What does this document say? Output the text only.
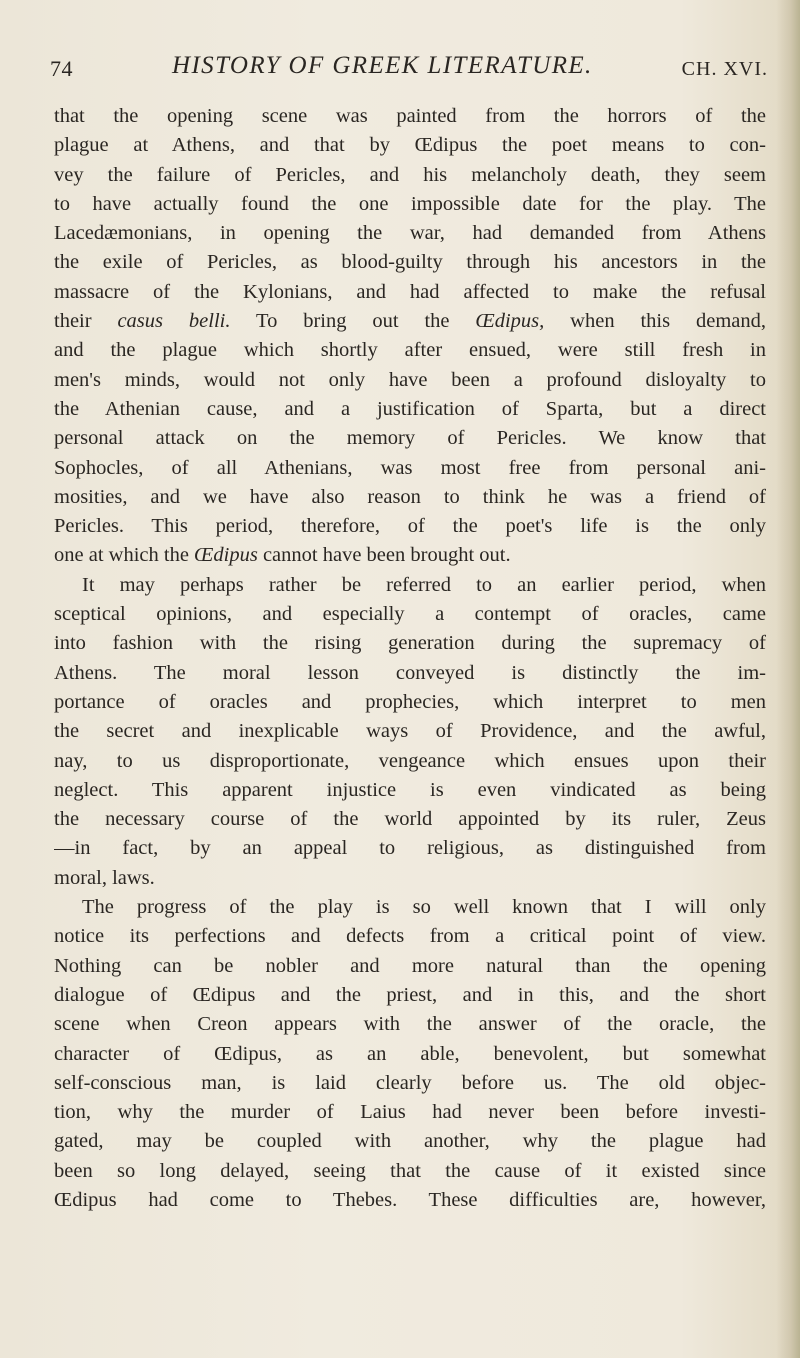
74	HISTORY OF GREEK LITERATURE.	CH. XVI.
that the opening scene was painted from the horrors of the
plague at Athens, and that by Œdipus the poet means to con-
vey the failure of Pericles, and his melancholy death, they seem
to have actually found the one impossible date for the play. The
Lacedæmonians, in opening the war, had demanded from Athens
the exile of Pericles, as blood-guilty through his ancestors in the
massacre of the Kylonians, and had affected to make the refusal
their casus belli. To bring out the Œdipus, when this demand,
and the plague which shortly after ensued, were still fresh in
men's minds, would not only have been a profound disloyalty to
the Athenian cause, and a justification of Sparta, but a direct
personal attack on the memory of Pericles. We know that
Sophocles, of all Athenians, was most free from personal ani-
mosities, and we have also reason to think he was a friend of
Pericles. This period, therefore, of the poet's life is the only
one at which the Œdipus cannot have been brought out.
It may perhaps rather be referred to an earlier period, when
sceptical opinions, and especially a contempt of oracles, came
into fashion with the rising generation during the supremacy of
Athens. The moral lesson conveyed is distinctly the im-
portance of oracles and prophecies, which interpret to men
the secret and inexplicable ways of Providence, and the awful,
nay, to us disproportionate, vengeance which ensues upon their
neglect. This apparent injustice is even vindicated as being
the necessary course of the world appointed by its ruler, Zeus
—in fact, by an appeal to religious, as distinguished from
moral, laws.
The progress of the play is so well known that I will only
notice its perfections and defects from a critical point of view.
Nothing can be nobler and more natural than the opening
dialogue of Œdipus and the priest, and in this, and the short
scene when Creon appears with the answer of the oracle, the
character of Œdipus, as an able, benevolent, but somewhat
self-conscious man, is laid clearly before us. The old objec-
tion, why the murder of Laius had never been before investi-
gated, may be coupled with another, why the plague had
been so long delayed, seeing that the cause of it existed since
Œdipus had come to Thebes. These difficulties are, however,
